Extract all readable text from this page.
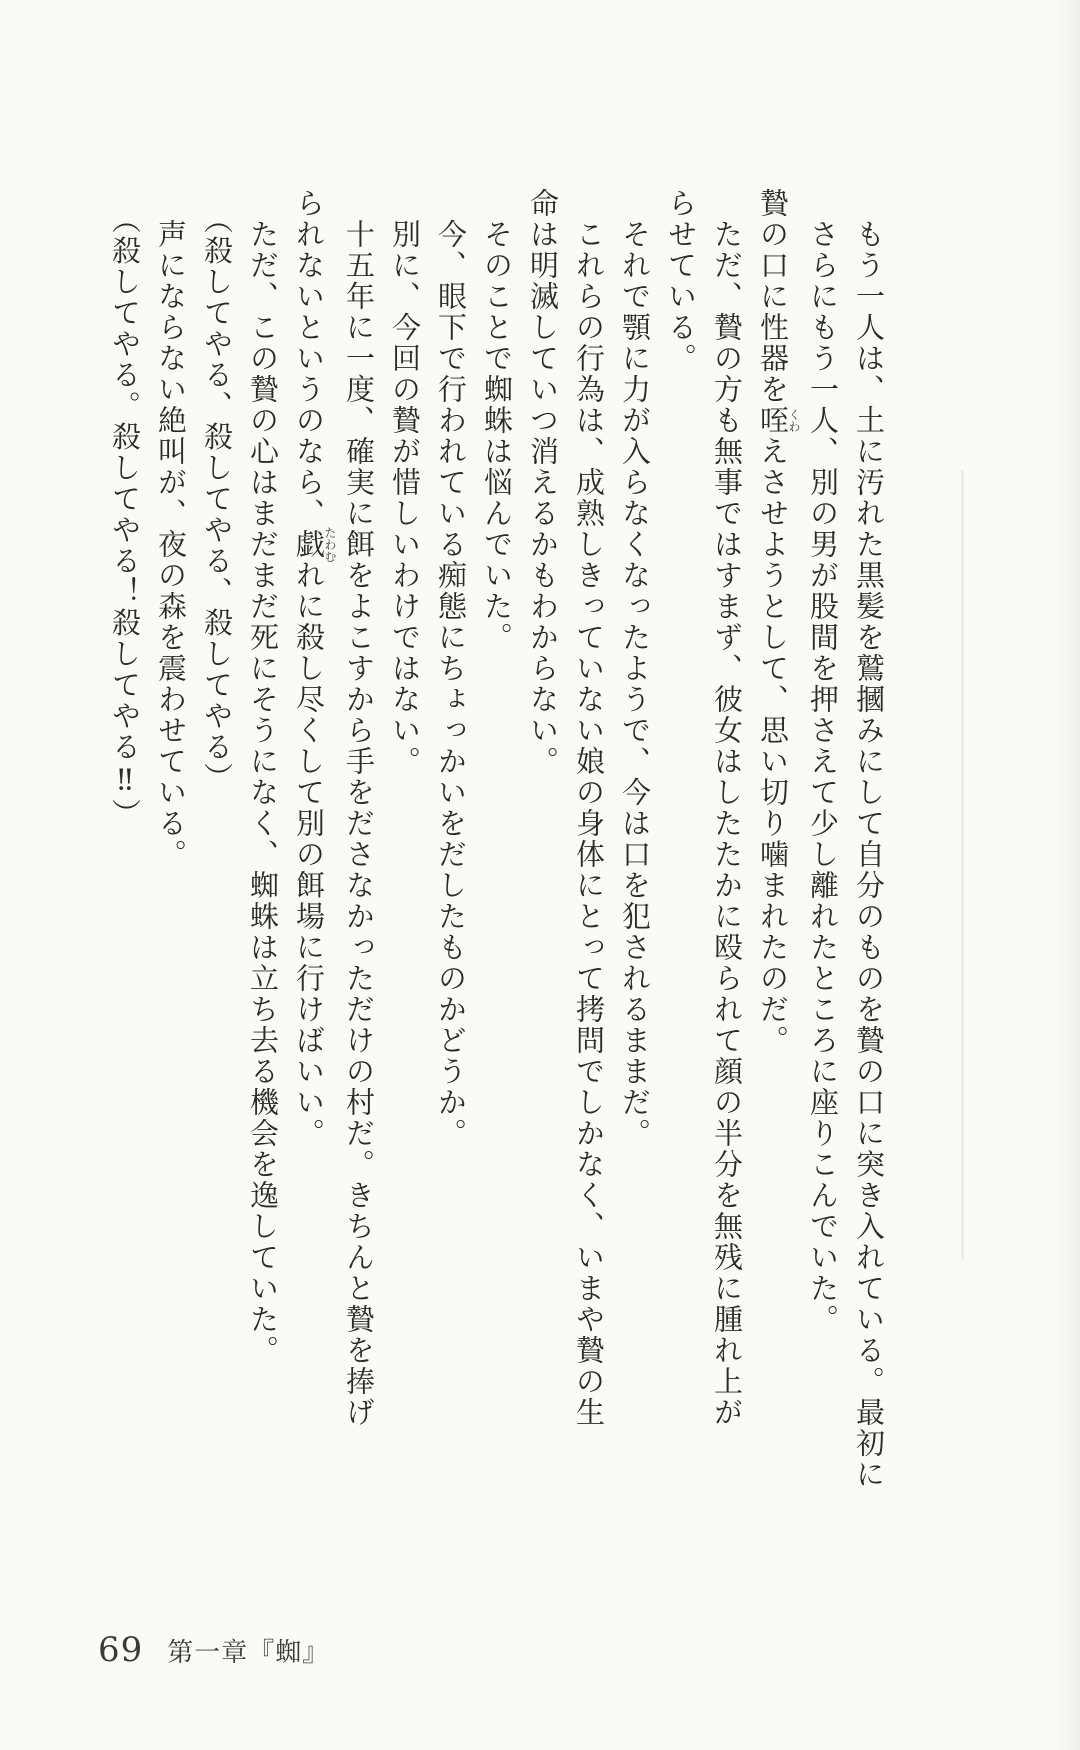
　もう一人は、土に汚れた黒髪を鷲摑みにして自分のものを贄の口に突き入れている。最初に
　さらにもう一人、別の男が股間を押さえて少し離れたところに座りこんでいた。
贄の口に性器を咥くわえさせようとして、思い切り噛まれたのだ。
　ただ、贄の方も無事ではすまず、彼女はしたたかに殴られて顔の半分を無残に腫れ上が
らせている。
　それで顎に力が入らなくなったようで、今は口を犯されるままだ。
　これらの行為は、成熟しきっていない娘の身体にとって拷問でしかなく、いまや贄の生
命は明滅していつ消えるかもわからない。
　そのことで蜘蛛は悩んでいた。
　今、眼下で行われている痴態にちょっかいをだしたものかどうか。
　別に、今回の贄が惜しいわけではない。
　十五年に一度、確実に餌をよこすから手をださなかっただけの村だ。きちんと贄を捧げ
られないというのなら、戯たわむれに殺し尽くして別の餌場に行けばいい。
　ただ、この贄の心はまだまだ死にそうになく、蜘蛛は立ち去る機会を逸していた。
　（殺してやる、殺してやる、殺してやる）
　声にならない絶叫が、夜の森を震わせている。
　（殺してやる。殺してやる！殺してやる‼）
69 第一章『蜘』
